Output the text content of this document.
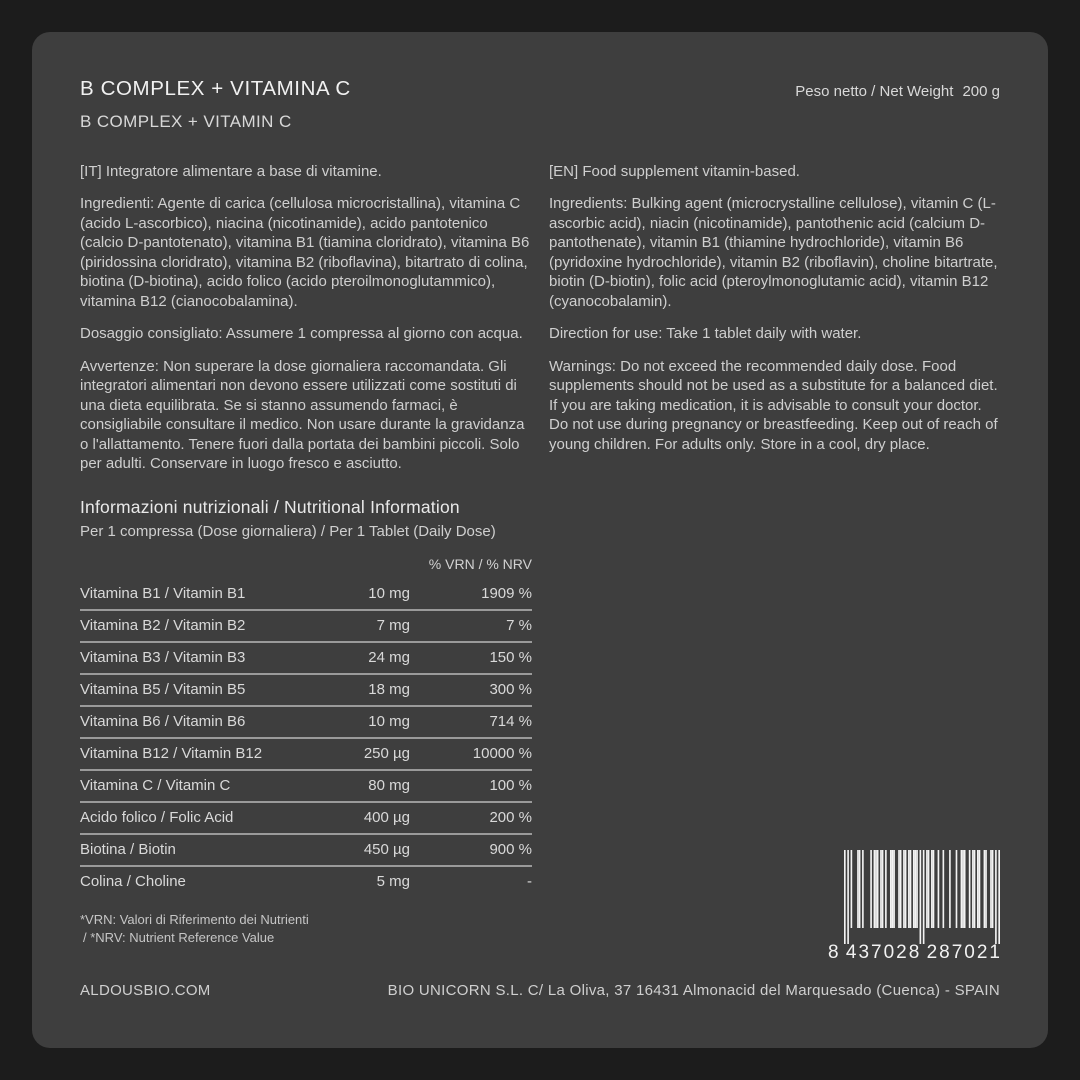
B COMPLEX + VITAMINA C
B COMPLEX + VITAMIN C
Peso netto / Net Weight 200 g

[IT] Integratore alimentare a base di vitamine.

Ingredienti: Agente di carica (cellulosa microcristallina), vitamina C (acido L-ascorbico), niacina (nicotinamide), acido pantotenico (calcio D-pantotenato), vitamina B1 (tiamina cloridrato), vitamina B6 (piridossina cloridrato), vitamina B2 (riboflavina), bitartrato di colina, biotina (D-biotina), acido folico (acido pteroilmonoglutammico), vitamina B12 (cianocobalamina).

Dosaggio consigliato: Assumere 1 compressa al giorno con acqua.

Avvertenze: Non superare la dose giornaliera raccomandata. Gli integratori alimentari non devono essere utilizzati come sostituti di una dieta equilibrata. Se si stanno assumendo farmaci, è consigliabile consultare il medico. Non usare durante la gravidanza o l'allattamento. Tenere fuori dalla portata dei bambini piccoli. Solo per adulti. Conservare in luogo fresco e asciutto.

[EN] Food supplement vitamin-based.

Ingredients: Bulking agent (microcrystalline cellulose), vitamin C (L-ascorbic acid), niacin (nicotinamide), pantothenic acid (calcium D-pantothenate), vitamin B1 (thiamine hydrochloride), vitamin B6 (pyridoxine hydrochloride), vitamin B2 (riboflavin), choline bitartrate, biotin (D-biotin), folic acid (pteroylmonoglutamic acid), vitamin B12 (cyanocobalamin).

Direction for use: Take 1 tablet daily with water.

Warnings: Do not exceed the recommended daily dose. Food supplements should not be used as a substitute for a balanced diet. If you are taking medication, it is advisable to consult your doctor. Do not use during pregnancy or breastfeeding. Keep out of reach of young children. For adults only. Store in a cool, dry place.

Informazioni nutrizionali / Nutritional Information

Per 1 compressa (Dose giornaliera) / Per 1 Tablet (Daily Dose)

% VRN / % NRV
Vitamina B1 / Vitamin B1	10 mg	1909 %
Vitamina B2 / Vitamin B2	7 mg	7 %
Vitamina B3 / Vitamin B3	24 mg	150 %
Vitamina B5 / Vitamin B5	18 mg	300 %
Vitamina B6 / Vitamin B6	10 mg	714 %
Vitamina B12 / Vitamin B12	250 µg	10000 %
Vitamina C / Vitamin C	80 mg	100 %
Acido folico / Folic Acid	400 µg	200 %
Biotina / Biotin	450 µg	900 %
Colina / Choline	5 mg	-
*VRN: Valori di Riferimento dei Nutrienti
/ *NRV: Nutrient Reference Value
8 437028 287021
ALDOUSBIO.COM	BIO UNICORN S.L. C/ La Oliva, 37 16431 Almonacid del Marquesado (Cuenca) - SPAIN
